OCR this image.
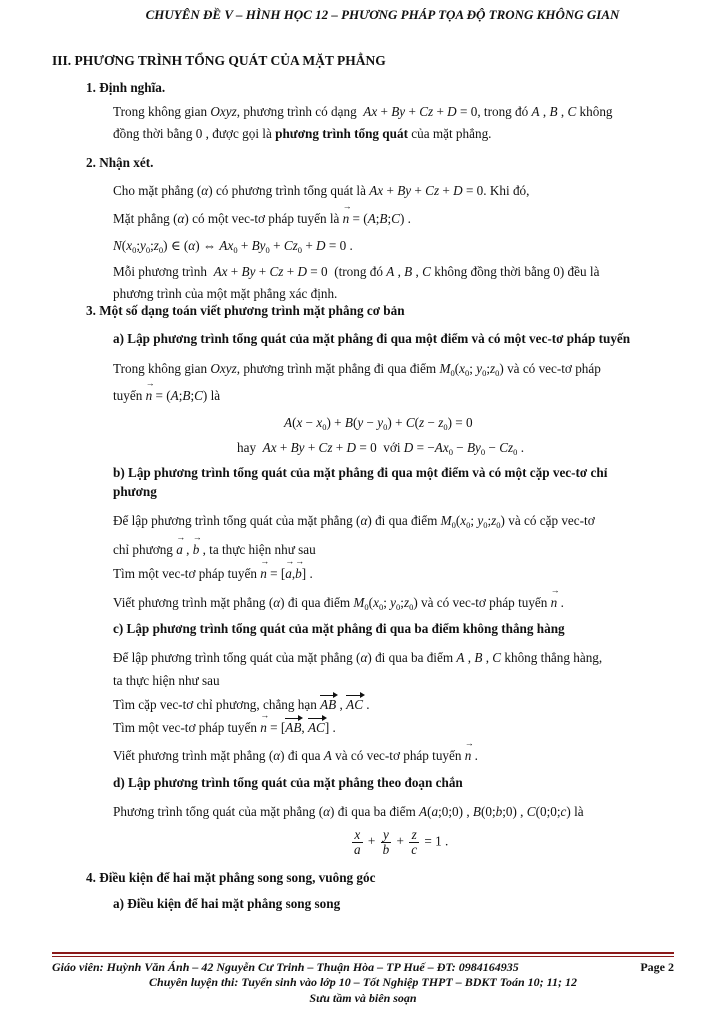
CHUYÊN ĐỀ V – HÌNH HỌC 12 – PHƯƠNG PHÁP TỌA ĐỘ TRONG KHÔNG GIAN
III. PHƯƠNG TRÌNH TỔNG QUÁT CỦA MẶT PHẲNG
1. Định nghĩa.
Trong không gian Oxyz, phương trình có dạng  Ax + By + Cz + D = 0, trong đó A , B , C không
đồng thời bằng 0 , được gọi là phương trình tổng quát của mặt phẳng.
2. Nhận xét.
Cho mặt phẳng (α) có phương trình tổng quát là Ax + By + Cz + D = 0. Khi đó,
Mặt phẳng (α) có một vec-tơ pháp tuyến là → n = (A;B;C) .
$N(x_0;y_0;z_0)$ ∈ (α) ⇔ $Ax_0 + By_0 + Cz_0 + D = 0$ .
Mỗi phương trình  Ax + By + Cz + D = 0  (trong đó A , B , C không đồng thời bằng 0) đều là
phương trình của một mặt phẳng xác định.
3. Một số dạng toán viết phương trình mặt phẳng cơ bản
a) Lập phương trình tổng quát của mặt phẳng đi qua một điểm và có một vec-tơ pháp tuyến
Trong không gian Oxyz, phương trình mặt phẳng đi qua điểm $M_0(x_0$; $y_0;z_0$) và có vec-tơ pháp
tuyến → n = (A;B;C) là
$A(x - x_0) + B(y - y_0) + C(z - z_0) = 0$
hay Ax + By + Cz + D = 0  với $D = -Ax_0 - By_0 - Cz_0$ .
b) Lập phương trình tổng quát của mặt phẳng đi qua một điểm và có một cặp vec-tơ chỉ
phương
Để lập phương trình tổng quát của mặt phẳng (α) đi qua điểm $M_0(x_0$; $y_0;z_0$) và có cặp vec-tơ
chỉ phương → a , → b , ta thực hiện như sau
Tìm một vec-tơ pháp tuyến → n = [→ a,→ b] .
Viết phương trình mặt phẳng (α) đi qua điểm $M_0(x_0$; $y_0;z_0$) và có vec-tơ pháp tuyến → n .
c) Lập phương trình tổng quát của mặt phẳng đi qua ba điểm không thẳng hàng
Để lập phương trình tổng quát của mặt phẳng (α) đi qua ba điểm A , B , C không thẳng hàng,
ta thực hiện như sau
Tìm cặp vec-tơ chỉ phương, chẳng hạn AB , AC .
Tìm một vec-tơ pháp tuyến → n = [AB, AC] .
Viết phương trình mặt phẳng (α) đi qua A và có vec-tơ pháp tuyến → n .
d) Lập phương trình tổng quát của mặt phẳng theo đoạn chắn
Phương trình tổng quát của mặt phẳng (α) đi qua ba điểm A(a;0;0) , B(0;b;0) , C(0;0;c) là
$\frac{x}{a} + \frac{y}{b} + \frac{z}{c} = 1$ .
4. Điều kiện để hai mặt phẳng song song, vuông góc
a) Điều kiện để hai mặt phẳng song song
Giáo viên: Huỳnh Văn Ánh – 42 Nguyễn Cư Trinh – Thuận Hòa – TP Huế – ĐT: 0984164935	Page 2
Chuyên luyện thi: Tuyển sinh vào lớp 10 – Tốt Nghiệp THPT – BDKT Toán 10; 11; 12
Sưu tầm và biên soạn
